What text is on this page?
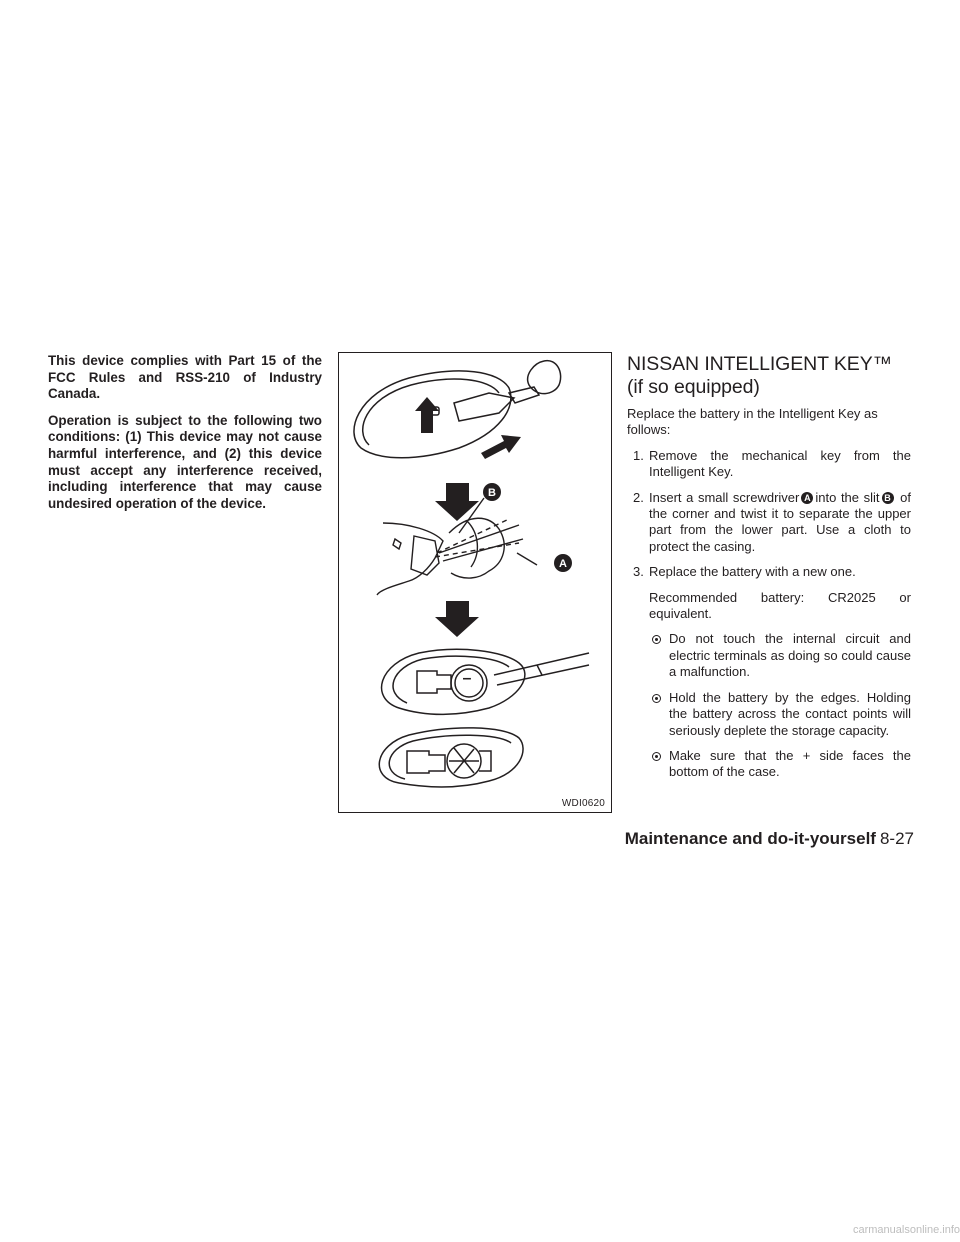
This device complies with Part 15 of the FCC Rules and RSS-210 of Industry Canada.

Operation is subject to the following two conditions: (1) This device may not cause harmful interference, and (2) this device must accept any interference received, including interference that may cause undesired operation of the device.

B
A
–
WDI0620
NISSAN INTELLIGENT KEY™ (if so equipped)

Replace the battery in the Intelligent Key as follows:

1. Remove the mechanical key from the Intelligent Key.
2. Insert a small screwdriver A into the slit B of the corner and twist it to separate the upper part from the lower part. Use a cloth to protect the casing.
3. Replace the battery with a new one.

Recommended battery: CR2025 or equivalent.

Do not touch the internal circuit and electric terminals as doing so could cause a malfunction.
Hold the battery by the edges. Holding the battery across the contact points will seriously deplete the storage capacity.
Make sure that the + side faces the bottom of the case.
Maintenance and do-it-yourself 8-27
carmanualsonline.info
